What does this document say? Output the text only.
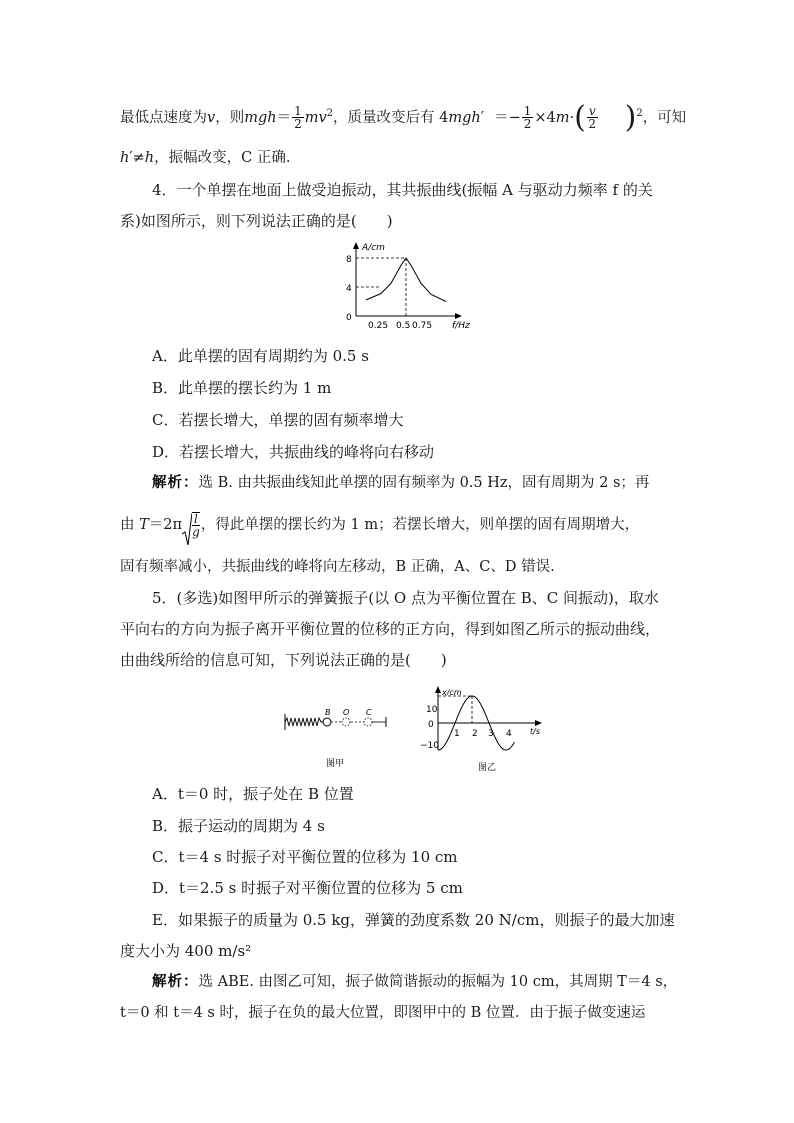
最低点速度为v，则$mgh= \frac{1}{2} mv^2$，质量改变后有 $4mgh' =- \frac{1}{2} \times 4m\cdot( \frac{v}{2} )^2$，可知
h′≠h，振幅改变，C 正确.
4．一个单摆在地面上做受迫振动，其共振曲线(振幅 A 与驱动力频率 f 的关
系)如图所示，则下列说法正确的是(　　)
A/cm
f/Hz
0
8
4
0.25 0.5 0.75
A．此单摆的固有周期约为 0.5 s
B．此单摆的摆长约为 1 m
C．若摆长增大，单摆的固有频率增大
D．若摆长增大，共振曲线的峰将向右移动
解析：选 B. 由共振曲线知此单摆的固有频率为 0.5 Hz，固有周期为 2 s；再
由 $T=2\pi \frac{l}{g}$ ，得此单摆的摆长约为 1 m；若摆长增大，则单摆的固有周期增大，
固有频率减小，共振曲线的峰将向左移动，B 正确，A、C、D 错误.
5．(多选)如图甲所示的弹簧振子(以 O 点为平衡位置在 B、C 间振动)，取水
平向右的方向为振子离开平衡位置的位移的正方向，得到如图乙所示的振动曲线，
由曲线所给的信息可知，下列说法正确的是(　　)
B O C
图甲
x/cm
t/s
10
0
−10
1 2 3 4
图乙
A．t＝0 时，振子处在 B 位置
B．振子运动的周期为 4 s
C．t＝4 s 时振子对平衡位置的位移为 10 cm
D．t＝2.5 s 时振子对平衡位置的位移为 5 cm
E．如果振子的质量为 0.5 kg，弹簧的劲度系数 20 N/cm，则振子的最大加速
度大小为 400 m/s²
解析：选 ABE. 由图乙可知，振子做简谐振动的振幅为 10 cm，其周期 T＝4 s，
t＝0 和 t＝4 s 时，振子在负的最大位置，即图甲中的 B 位置．由于振子做变速运
